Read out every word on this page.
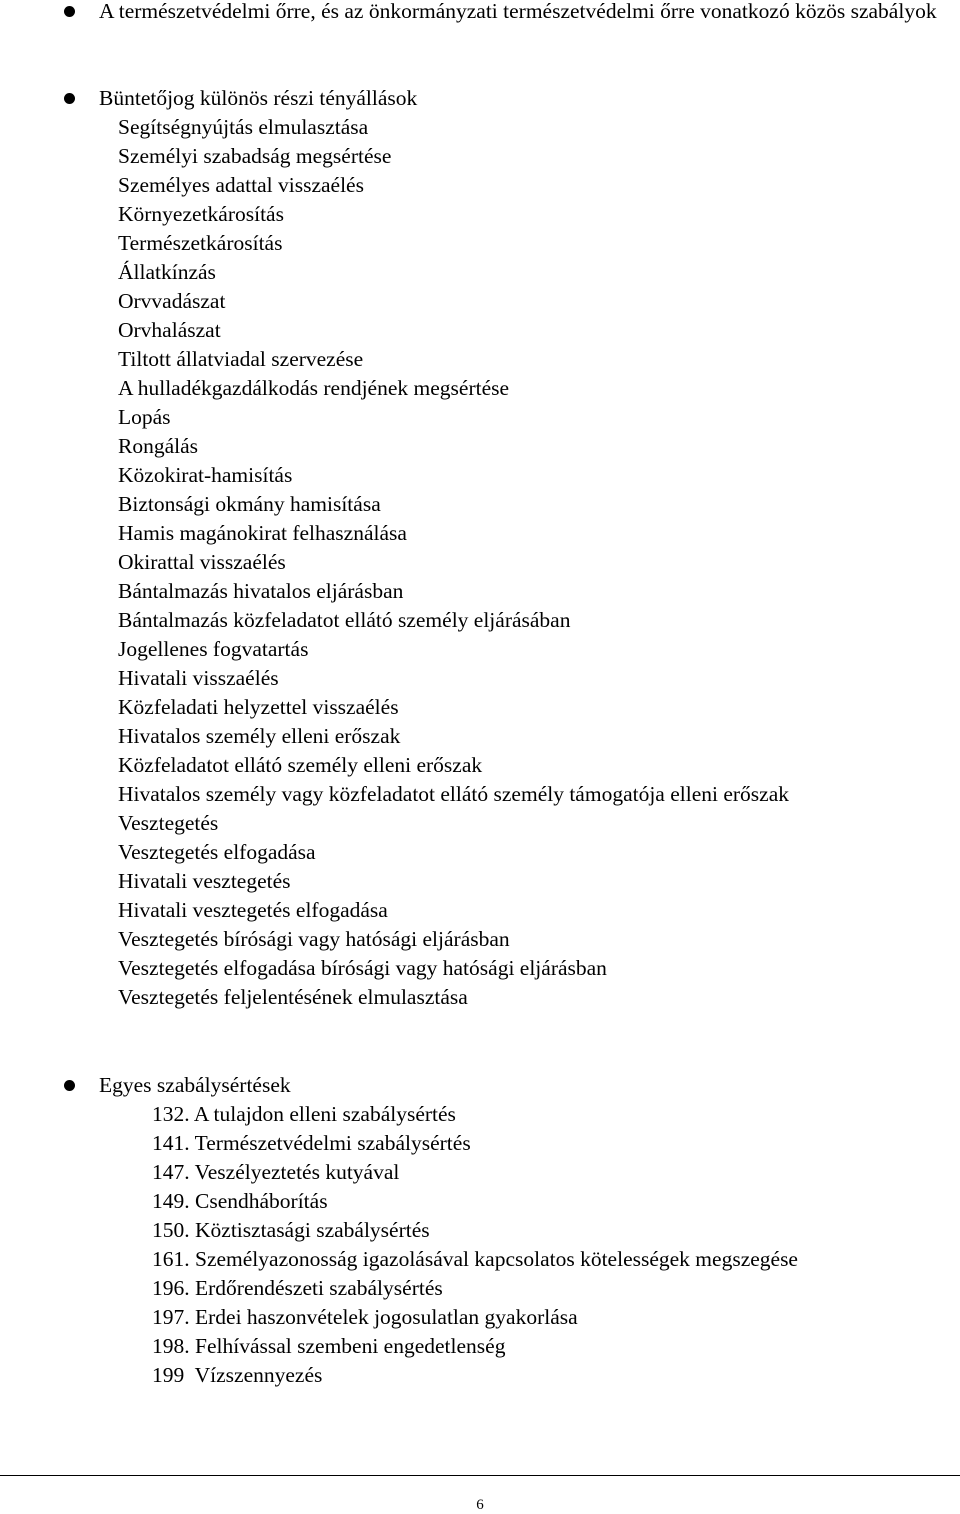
A természetvédelmi őrre, és az önkormányzati természetvédelmi őrre vonatkozó közös szabályok
Büntetőjog különös részi tényállások
Segítségnyújtás elmulasztása
Személyi szabadság megsértése
Személyes adattal visszaélés
Környezetkárosítás
Természetkárosítás
Állatkínzás
Orvvadászat
Orvhalászat
Tiltott állatviadal szervezése
A hulladékgazdálkodás rendjének megsértése
Lopás
Rongálás
Közokirat-hamisítás
Biztonsági okmány hamisítása
Hamis magánokirat felhasználása
Okirattal visszaélés
Bántalmazás hivatalos eljárásban
Bántalmazás közfeladatot ellátó személy eljárásában
Jogellenes fogvatartás
Hivatali visszaélés
Közfeladati helyzettel visszaélés
Hivatalos személy elleni erőszak
Közfeladatot ellátó személy elleni erőszak
Hivatalos személy vagy közfeladatot ellátó személy támogatója elleni erőszak
Vesztegetés
Vesztegetés elfogadása
Hivatali vesztegetés
Hivatali vesztegetés elfogadása
Vesztegetés bírósági vagy hatósági eljárásban
Vesztegetés elfogadása bírósági vagy hatósági eljárásban
Vesztegetés feljelentésének elmulasztása
Egyes szabálysértések
132. A tulajdon elleni szabálysértés
141. Természetvédelmi szabálysértés
147. Veszélyeztetés kutyával
149. Csendháborítás
150. Köztisztasági szabálysértés
161. Személyazonosság igazolásával kapcsolatos kötelességek megszegése
196. Erdőrendészeti szabálysértés
197. Erdei haszonvételek jogosulatlan gyakorlása
198. Felhívással szembeni engedetlenség
199  Vízszennyezés
6
